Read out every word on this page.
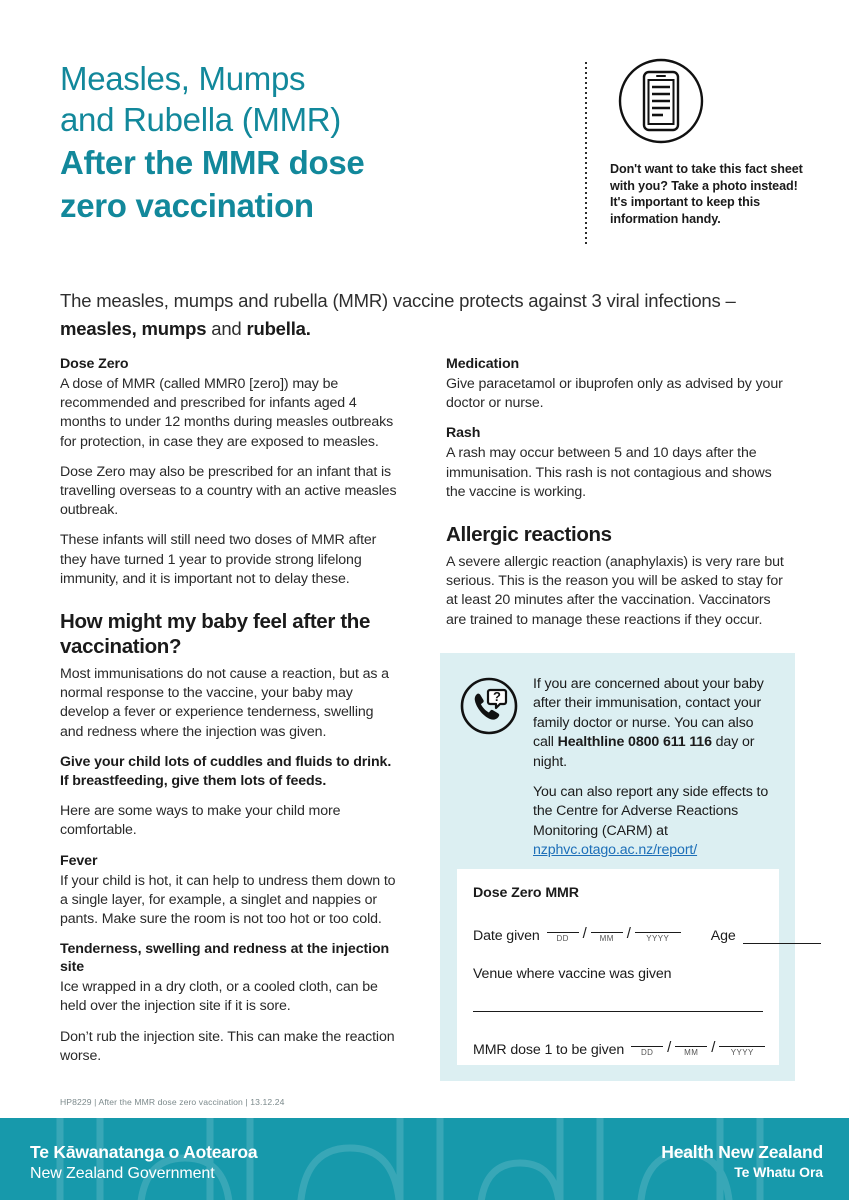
Measles, Mumps
and Rubella (MMR)
After the MMR dose
zero vaccination
Don't want to take this fact sheet with you? Take a photo instead! It's important to keep this information handy.
The measles, mumps and rubella (MMR) vaccine protects against 3 viral infections – measles, mumps and rubella.
Dose Zero

A dose of MMR (called MMR0 [zero]) may be recommended and prescribed for infants aged 4 months to under 12 months during measles outbreaks for protection, in case they are exposed to measles.

Dose Zero may also be prescribed for an infant that is travelling overseas to a country with an active measles outbreak.

These infants will still need two doses of MMR after they have turned 1 year to provide strong lifelong immunity, and it is important not to delay these.

How might my baby feel after the vaccination?

Most immunisations do not cause a reaction, but as a normal response to the vaccine, your baby may develop a fever or experience tenderness, swelling and redness where the injection was given.

Give your child lots of cuddles and fluids to drink. If breastfeeding, give them lots of feeds.

Here are some ways to make your child more comfortable.

Fever

If your child is hot, it can help to undress them down to a single layer, for example, a singlet and nappies or pants. Make sure the room is not too hot or too cold.

Tenderness, swelling and redness at the injection site

Ice wrapped in a dry cloth, or a cooled cloth, can be held over the injection site if it is sore.

Don’t rub the injection site. This can make the reaction worse.

Medication

Give paracetamol or ibuprofen only as advised by your doctor or nurse.

Rash

A rash may occur between 5 and 10 days after the immunisation. This rash is not contagious and shows the vaccine is working.

Allergic reactions

A severe allergic reaction (anaphylaxis) is very rare but serious. This is the reason you will be asked to stay for at least 20 minutes after the vaccination. Vaccinators are trained to manage these reactions if they occur.

?

If you are concerned about your baby after their immunisation, contact your family doctor or nurse. You can also call Healthline 0800 611 116 day or night.

You can also report any side effects to the Centre for Adverse Reactions Monitoring (CARM) at nzphvc.otago.ac.nz/report/

Dose Zero MMR
Date given DD / MM / YYYY	Age
Venue where vaccine was given
MMR dose 1 to be given DD / MM / YYYY
HP8229 | After the MMR dose zero vaccination | 13.12.24
Te Kāwanatanga o Aotearoa
New Zealand Government
Health New Zealand
Te Whatu Ora
